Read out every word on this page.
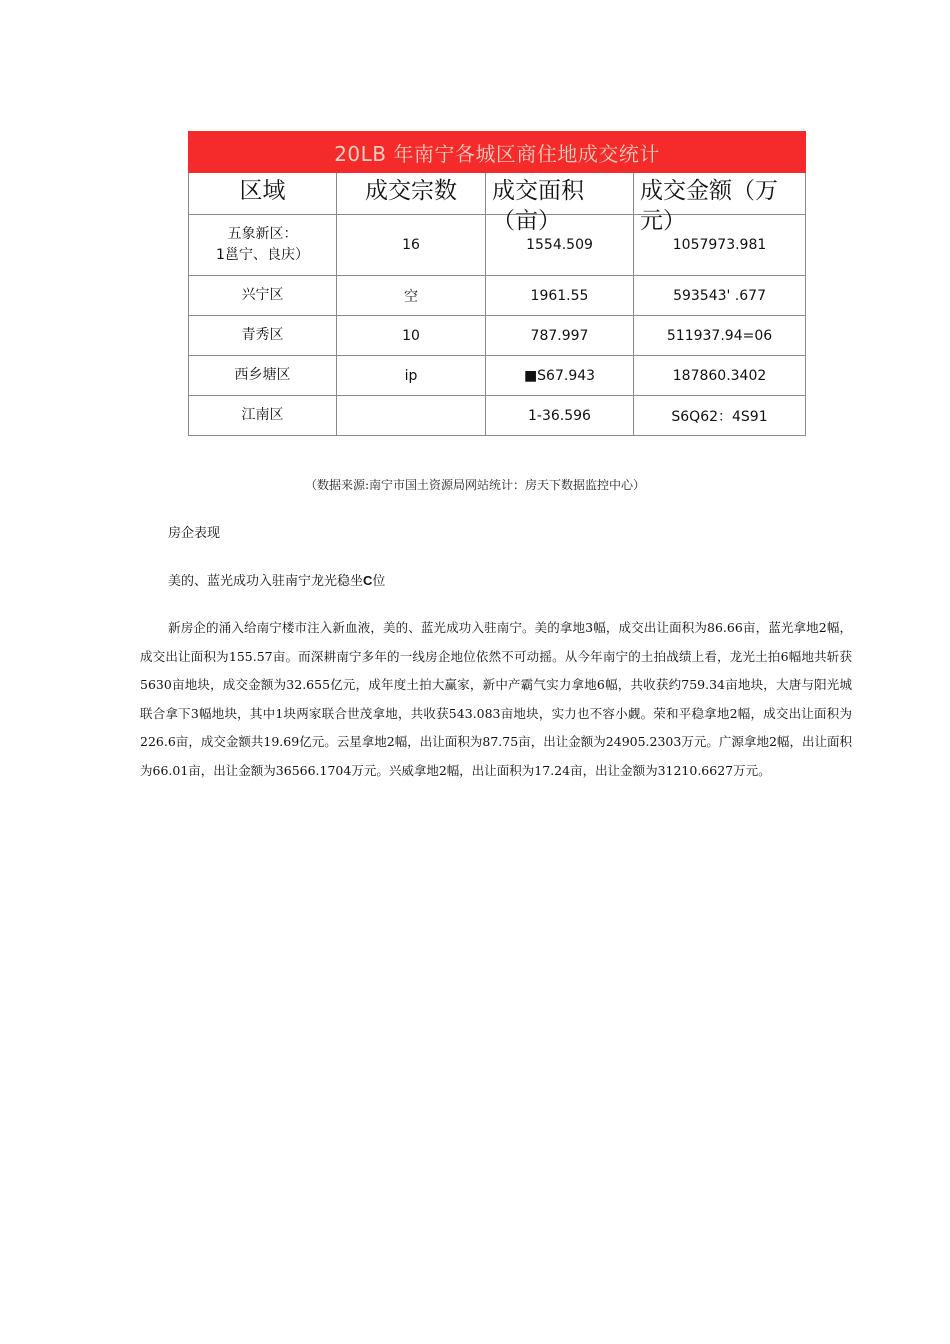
20LB 年南宁各城区商住地成交统计			

区域	成交宗数	成交面积（亩）	成交金额（万元）

五象新区：
1邕宁、良庆）	16	1554.509	1057973.981
兴宁区	空	1961.55	593543' .677
青秀区	10	787.997	511937.94=06
西乡塘区	ip	■S67.943	187860.3402
江南区		1-36.596	S6Q62：4S91
（数据来源:南宁市国土资源局网站统计：房天下数据监控中心）
房企表现
美的、蓝光成功入驻南宁龙光稳坐C位
新房企的涌入给南宁楼市注入新血液，美的、蓝光成功入驻南宁。美的拿地3幅，成交出让面积为86.66亩，蓝光拿地2幅，成交出让面积为155.57亩。而深耕南宁多年的一线房企地位依然不可动摇。从今年南宁的土拍战绩上看，龙光土拍6幅地共斩获5630亩地块，成交金额为32.655亿元，成年度土拍大赢家，新中产霸气实力拿地6幅，共收获约759.34亩地块，大唐与阳光城联合拿下3幅地块，其中1块两家联合世茂拿地，共收获543.083亩地块，实力也不容小觑。荣和平稳拿地2幅，成交出让面积为226.6亩，成交金额共19.69亿元。云星拿地2幅，出让面积为87.75亩，出让金额为24905.2303万元。广源拿地2幅，出让面积为66.01亩，出让金额为36566.1704万元。兴威拿地2幅，出让面积为17.24亩，出让金额为31210.6627万元。
